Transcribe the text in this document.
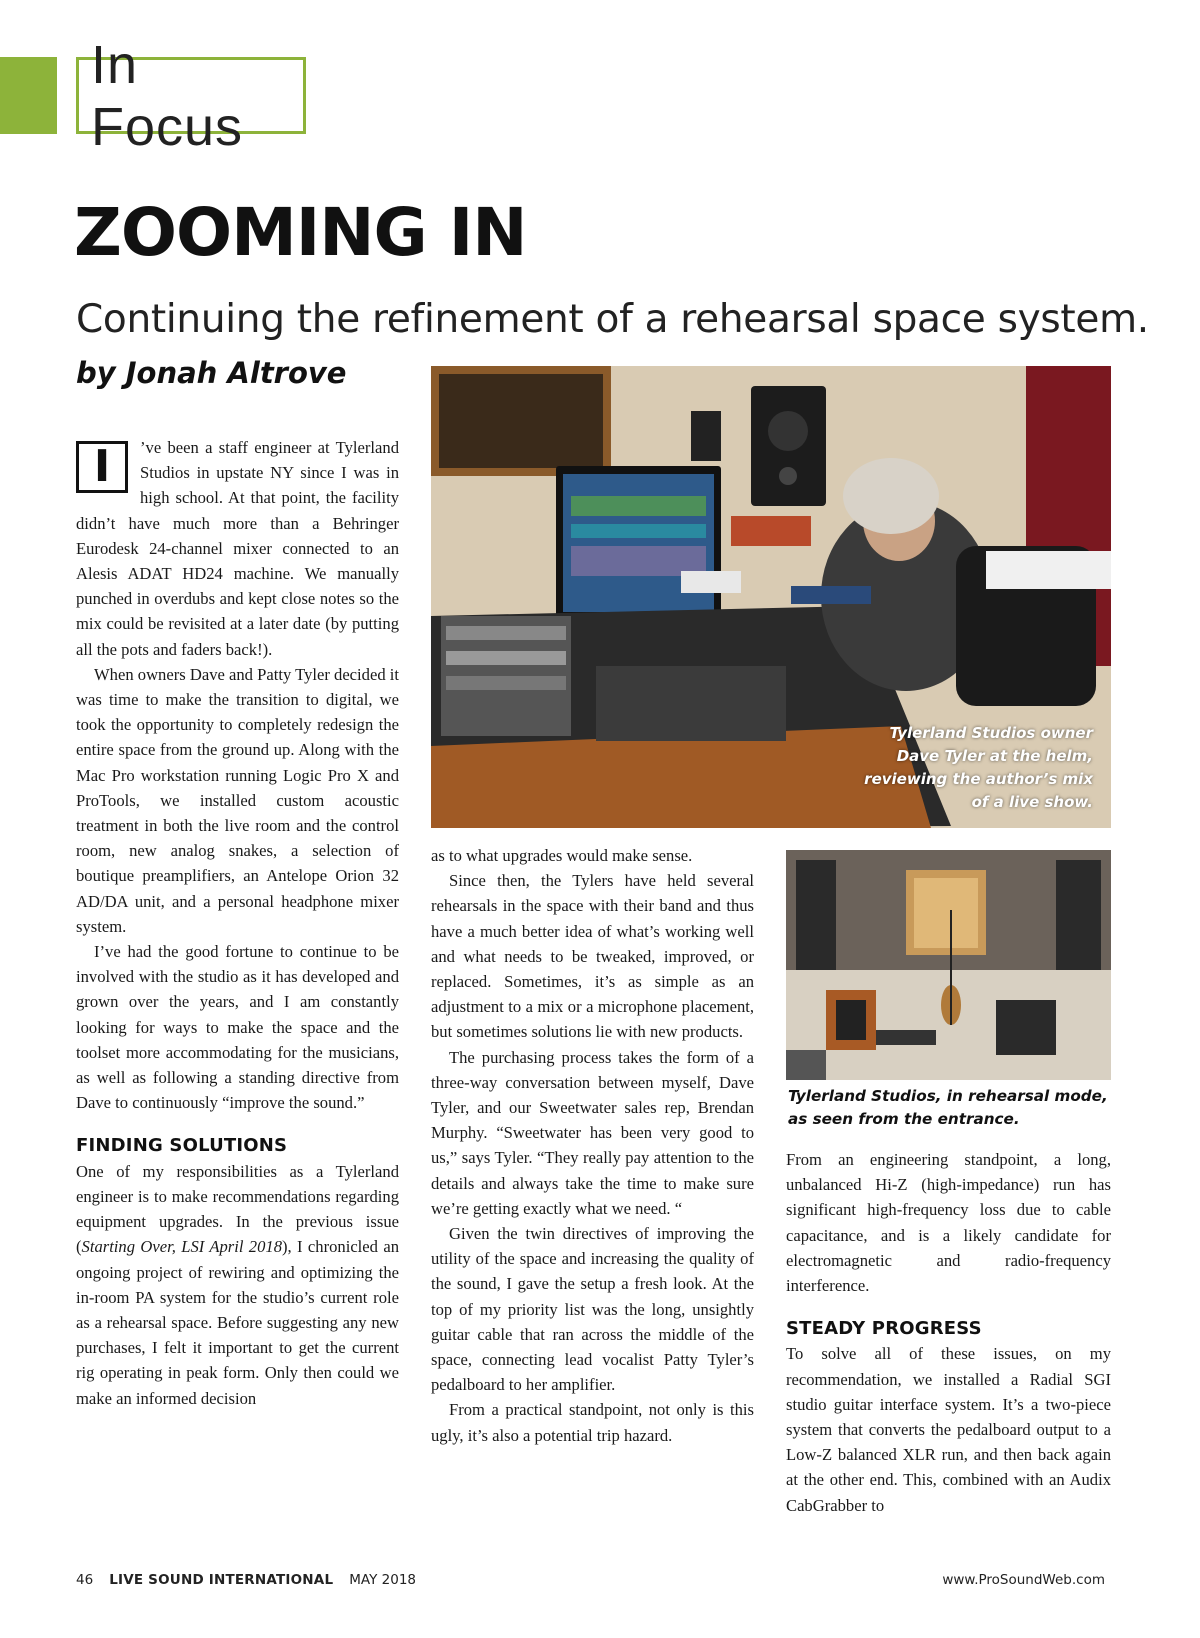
In Focus
ZOOMING IN
Continuing the refinement of a rehearsal space system.
by Jonah Altrove

I	’ve been a staff engineer at Tylerland Studios in upstate NY since I was in high school. At that point, the facility didn’t have much more than a Behringer Eurodesk 24-channel mixer connected to an Alesis ADAT HD24 machine. We manually punched in overdubs and kept close notes so the mix could be revisited at a later date (by putting all the pots and faders back!).

When owners Dave and Patty Tyler decided it was time to make the transition to digital, we took the opportunity to completely redesign the entire space from the ground up. Along with the Mac Pro workstation running Logic Pro X and ProTools, we installed custom acoustic treatment in both the live room and the control room, new analog snakes, a selection of boutique preamplifiers, an Antelope Orion 32 AD/DA unit, and a personal headphone mixer system.

I’ve had the good fortune to continue to be involved with the studio as it has developed and grown over the years, and I am constantly looking for ways to make the space and the toolset more accommodating for the musicians, as well as following a standing directive from Dave to continuously “improve the sound.”

FINDING SOLUTIONS

One of my responsibilities as a Tylerland engineer is to make recommendations regarding equipment upgrades. In the previous issue (Starting Over, LSI April 2018), I chronicled an ongoing project of rewiring and optimizing the in-room PA system for the studio’s current role as a rehearsal space. Before suggesting any new purchases, I felt it important to get the current rig operating in peak form. Only then could we make an informed decision

Tylerland Studios owner Dave Tyler at the helm, reviewing the author’s mix of a live show.

as to what upgrades would make sense.

Since then, the Tylers have held several rehearsals in the space with their band and thus have a much better idea of what’s working well and what needs to be tweaked, improved, or replaced. Sometimes, it’s as simple as an adjustment to a mix or a microphone placement, but sometimes solutions lie with new products.

The purchasing process takes the form of a three-way conversation between myself, Dave Tyler, and our Sweetwater sales rep, Brendan Murphy. “Sweetwater has been very good to us,” says Tyler. “They really pay attention to the details and always take the time to make sure we’re getting exactly what we need. “

Given the twin directives of improving the utility of the space and increasing the quality of the sound, I gave the setup a fresh look. At the top of my priority list was the long, unsightly guitar cable that ran across the middle of the space, connecting lead vocalist Patty Tyler’s pedalboard to her amplifier.

From a practical standpoint, not only is this ugly, it’s also a potential trip hazard.

Tylerland Studios, in rehearsal mode, as seen from the entrance.

From an engineering standpoint, a long, unbalanced Hi-Z (high-impedance) run has significant high-frequency loss due to cable capacitance, and is a likely candidate for electromagnetic and radio-frequency interference.

STEADY PROGRESS

To solve all of these issues, on my recommendation, we installed a Radial SGI studio guitar interface system. It’s a two-piece system that converts the pedalboard output to a Low-Z balanced XLR run, and then back again at the other end. This, combined with an Audix CabGrabber to

46 LIVE SOUND INTERNATIONAL MAY 2018	www.ProSoundWeb.com
